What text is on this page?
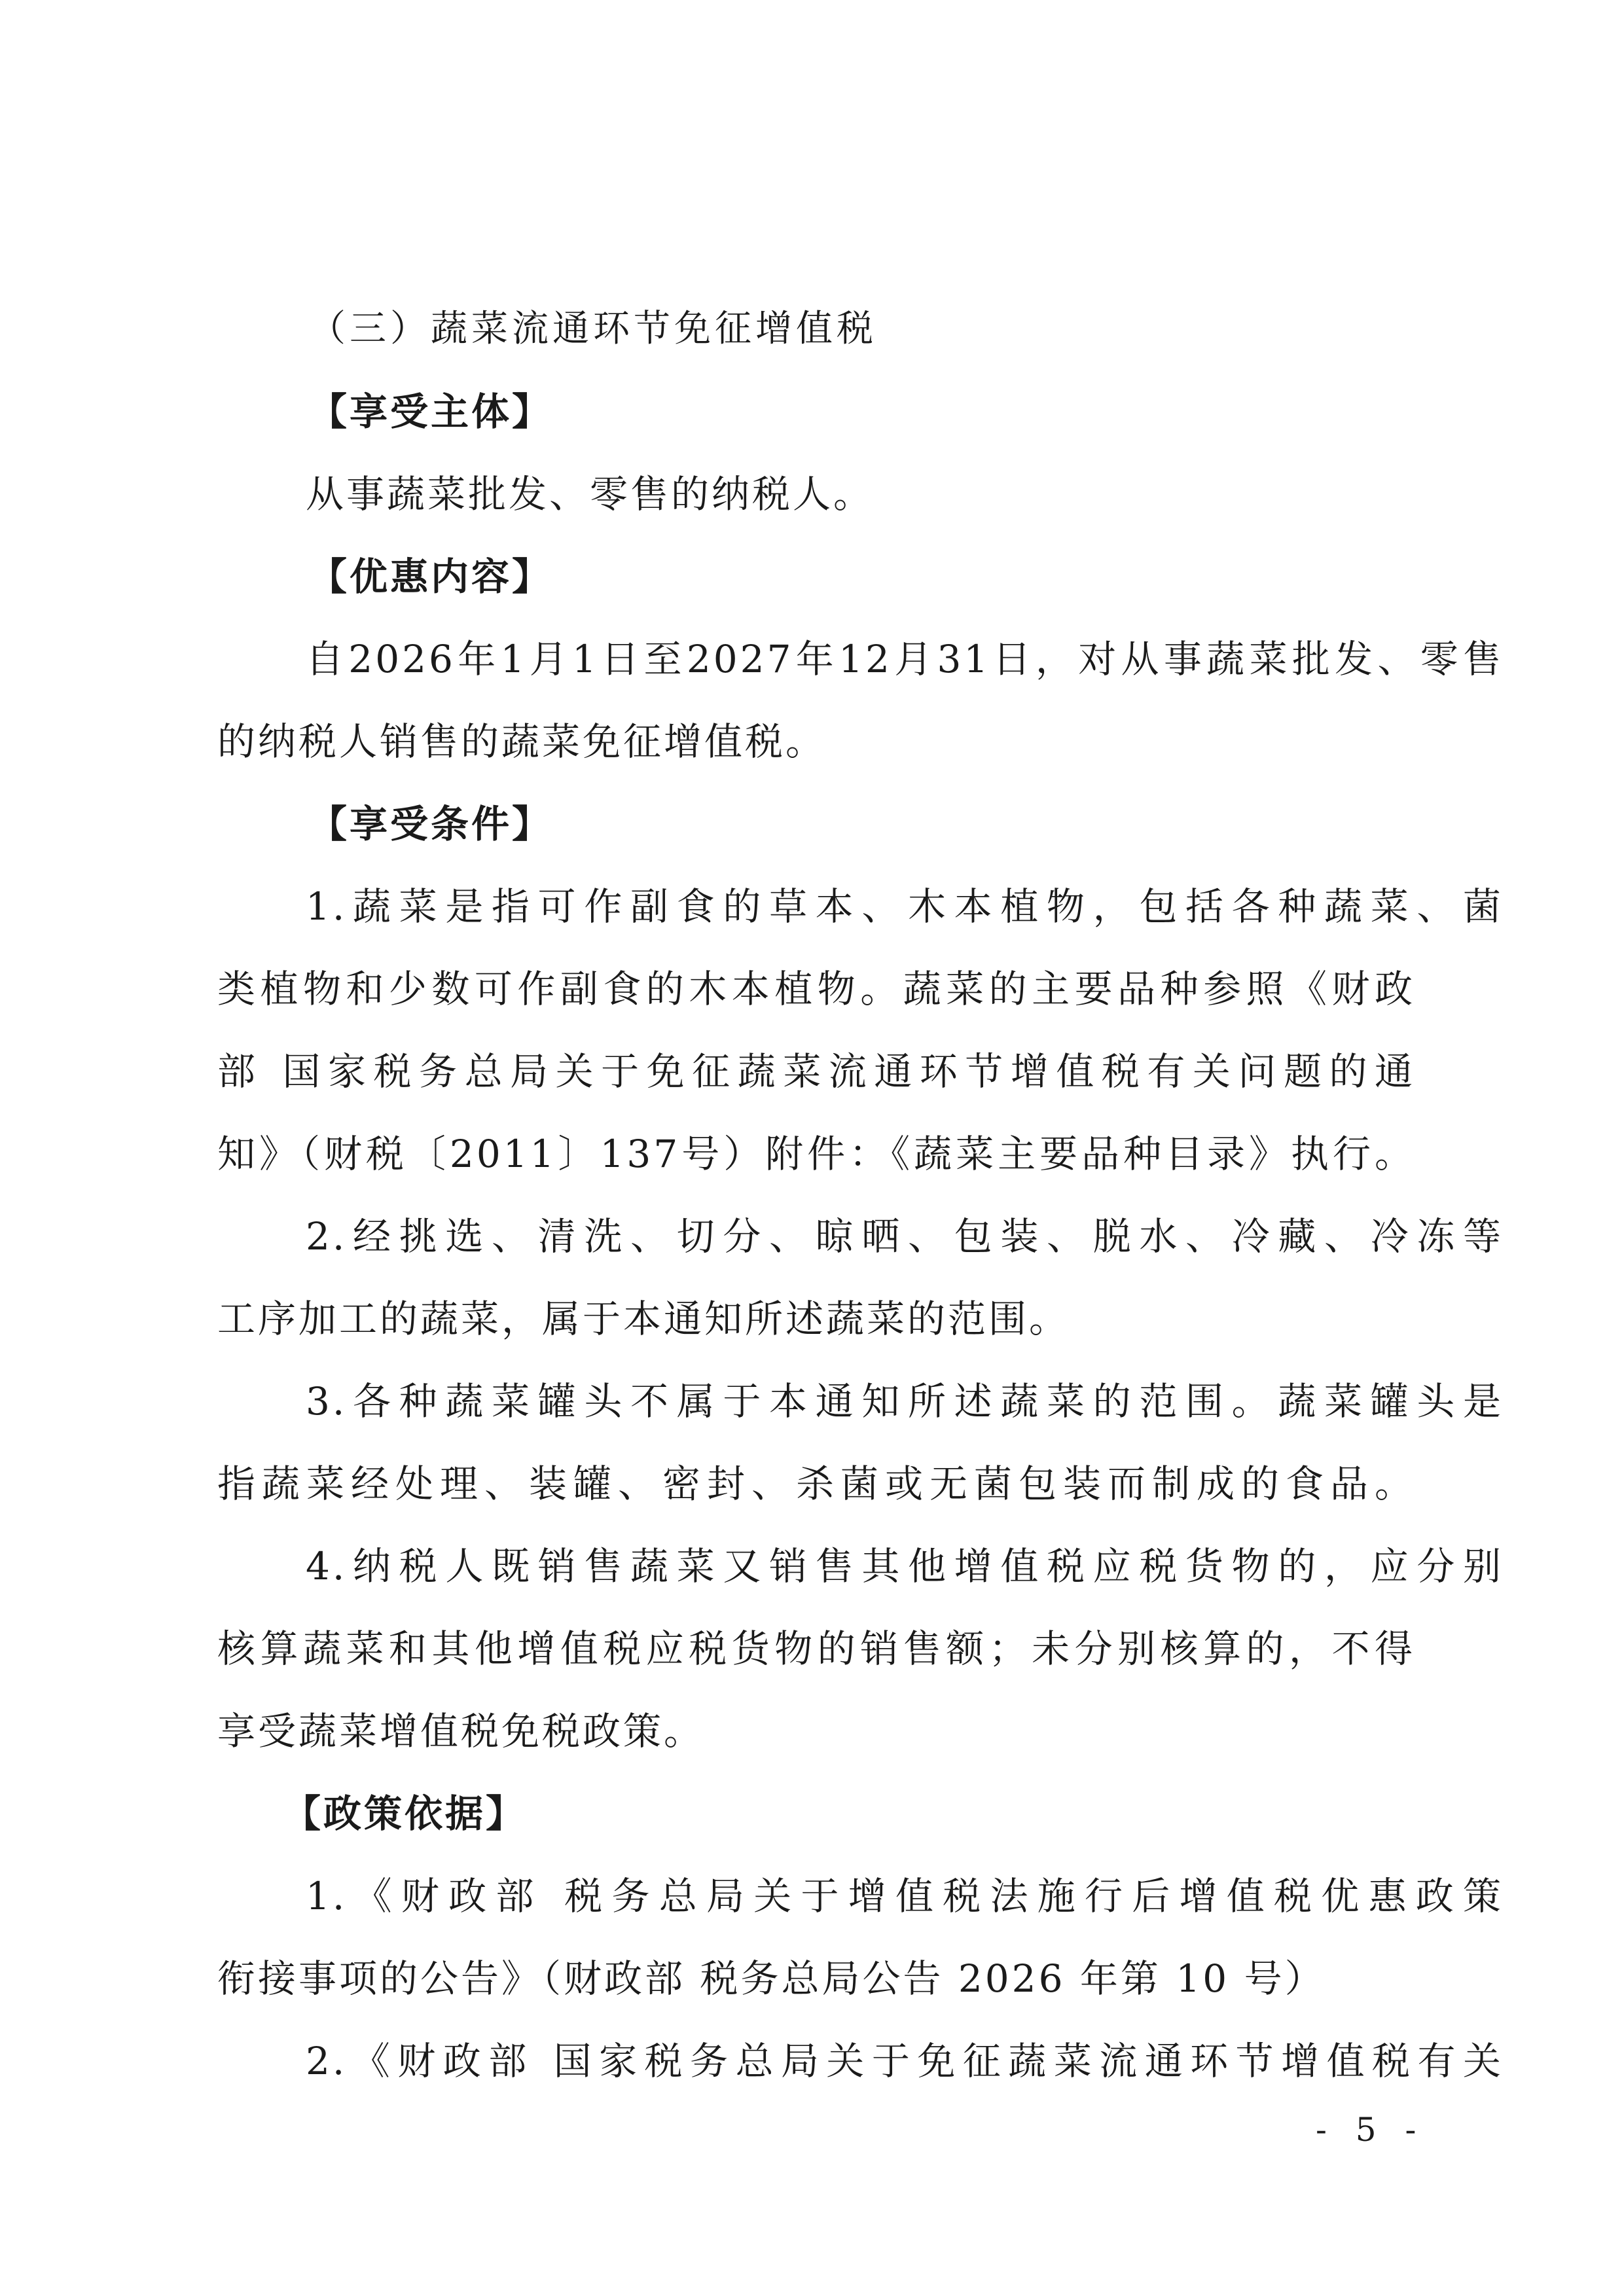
（三）蔬菜流通环节免征增值税
【享受主体】
从事蔬菜批发、零售的纳税人。
【优惠内容】
自2026年1月1日至2027年12月31日，对从事蔬菜批发、零售
的纳税人销售的蔬菜免征增值税。
【享受条件】
1.蔬菜是指可作副食的草本、木本植物，包括各种蔬菜、菌
类植物和少数可作副食的木本植物。蔬菜的主要品种参照《财政
部 国家税务总局关于免征蔬菜流通环节增值税有关问题的通
知》（财税〔2011〕137号）附件：《蔬菜主要品种目录》执行。
2.经挑选、清洗、切分、晾晒、包装、脱水、冷藏、冷冻等
工序加工的蔬菜，属于本通知所述蔬菜的范围。
3.各种蔬菜罐头不属于本通知所述蔬菜的范围。蔬菜罐头是
指蔬菜经处理、装罐、密封、杀菌或无菌包装而制成的食品。
4.纳税人既销售蔬菜又销售其他增值税应税货物的，应分别
核算蔬菜和其他增值税应税货物的销售额；未分别核算的，不得
享受蔬菜增值税免税政策。
【政策依据】
1.《财政部 税务总局关于增值税法施行后增值税优惠政策
衔接事项的公告》（财政部 税务总局公告 2026 年第 10 号）
2.《财政部 国家税务总局关于免征蔬菜流通环节增值税有关
- 5 -
